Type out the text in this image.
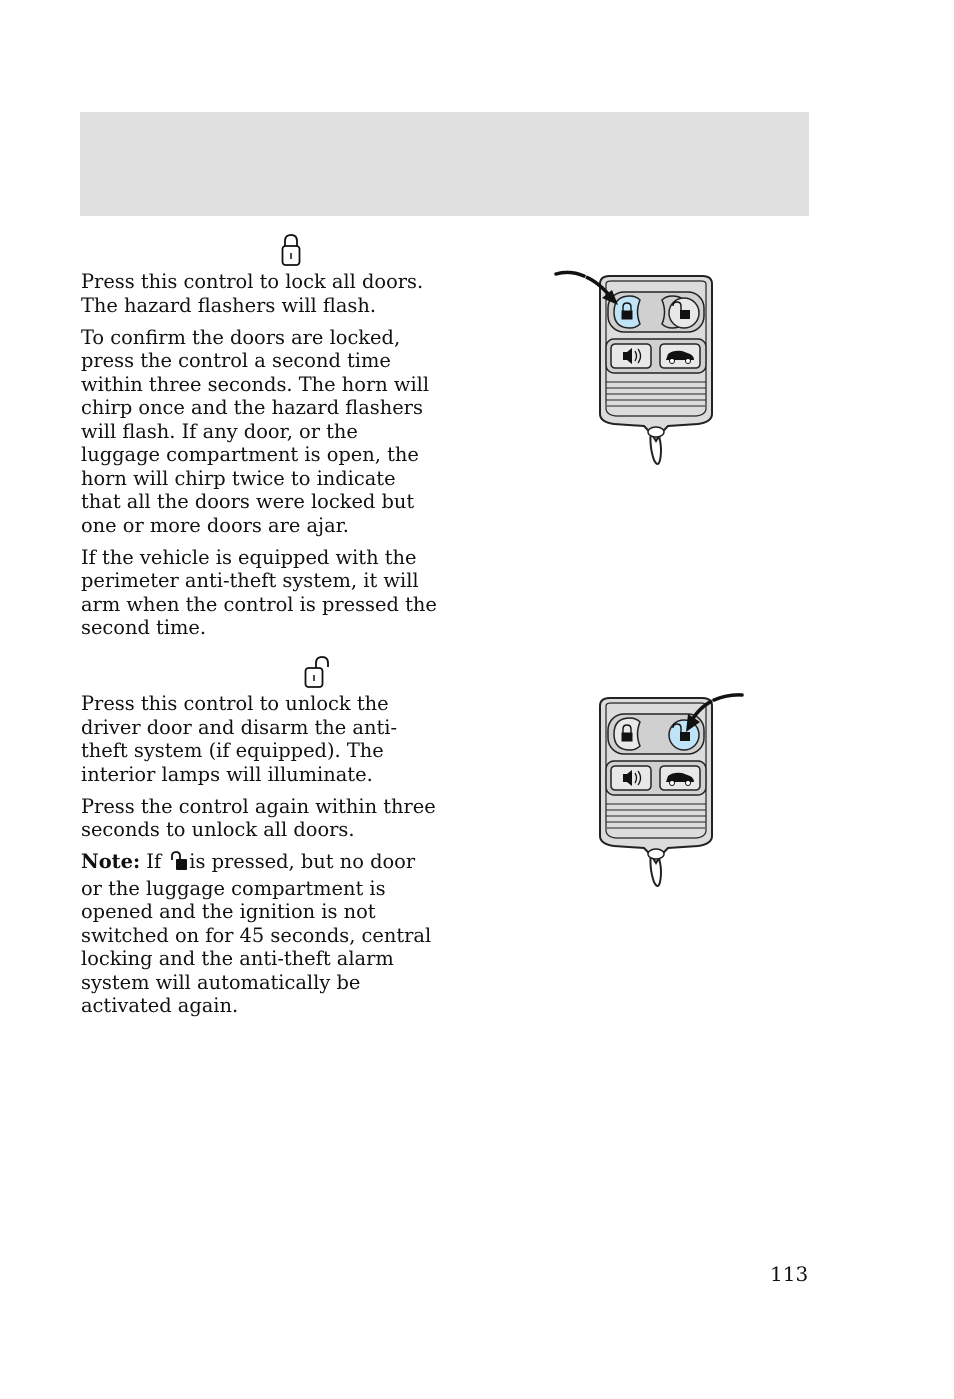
Press this control to lock all doors. The hazard flashers will flash.

To confirm the doors are locked, press the control a second time within three seconds. The horn will chirp once and the hazard flashers will flash. If any door, or the luggage compartment is open, the horn will chirp twice to indicate that all the doors were locked but one or more doors are ajar.

If the vehicle is equipped with the perimeter anti-theft system, it will arm when the control is pressed the second time.

Press this control to unlock the driver door and disarm the anti-theft system (if equipped). The interior lamps will illuminate.

Press the control again within three seconds to unlock all doors.

Note: If is pressed, but no door or the luggage compartment is opened and the ignition is not switched on for 45 seconds, central locking and the anti-theft alarm system will automatically be activated again.

113
